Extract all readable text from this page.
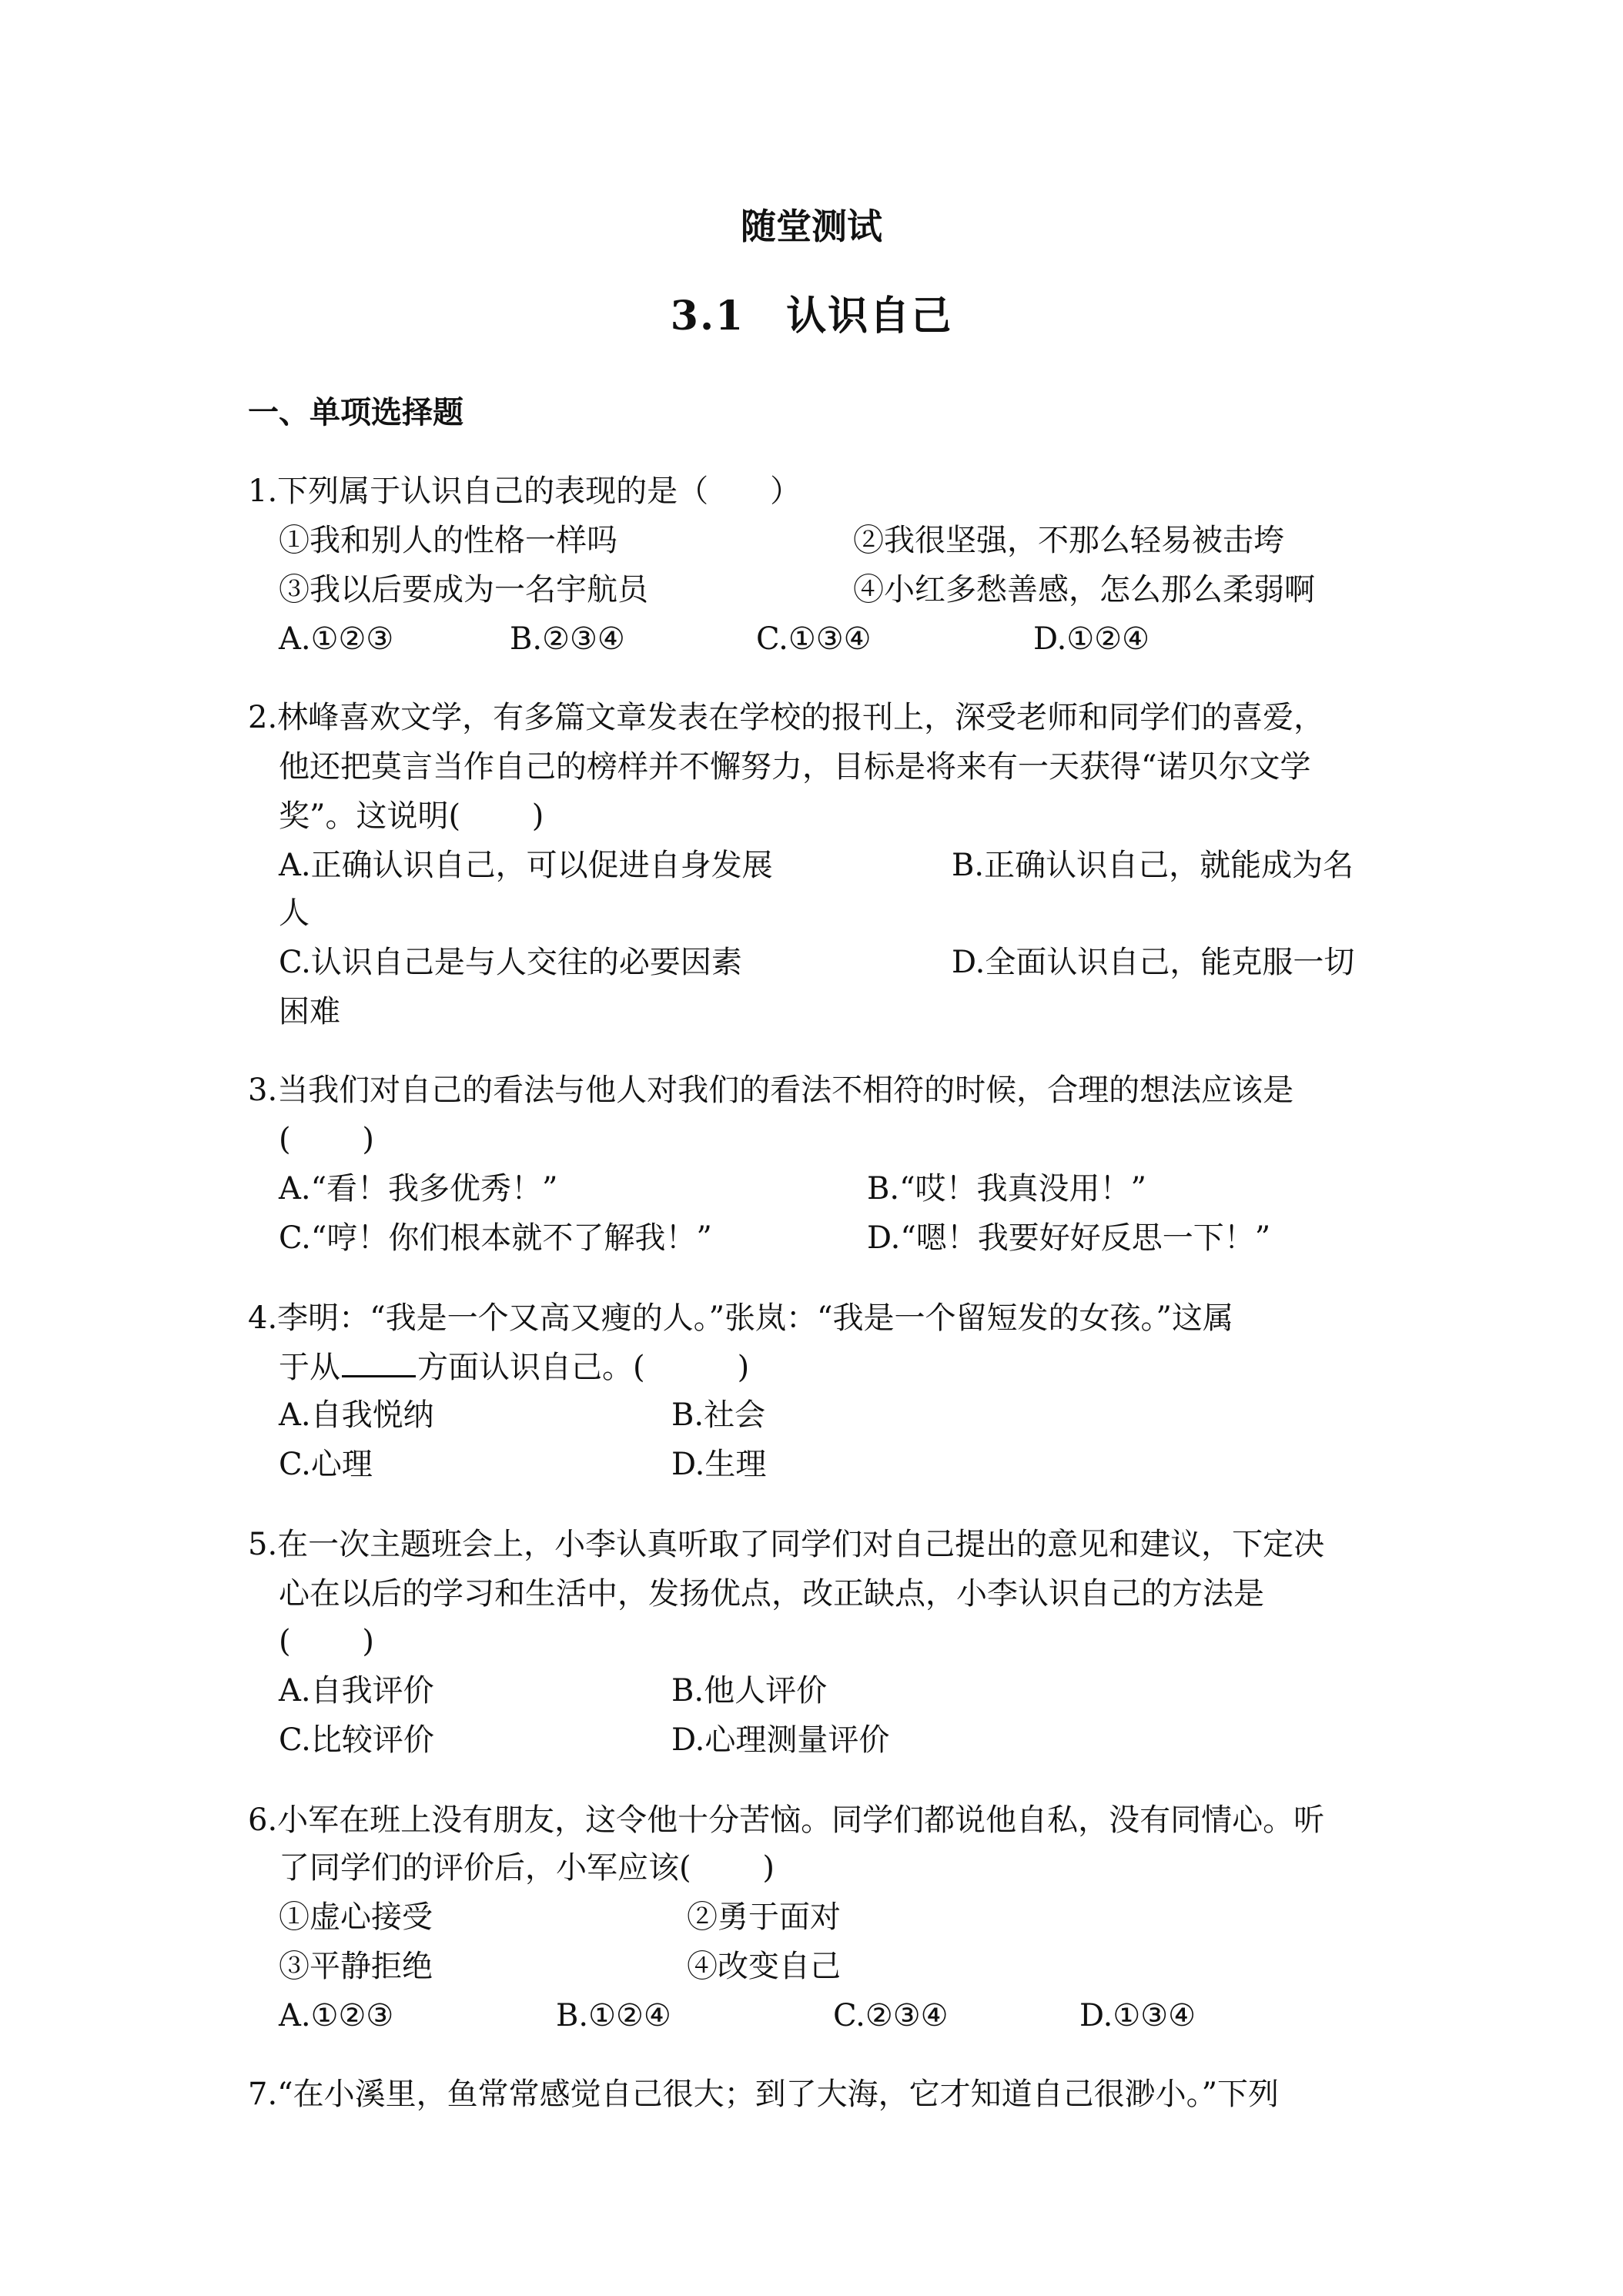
随堂测试
3.1　认识自己
一、单项选择题
1.下列属于认识自己的表现的是（　　）
①我和别人的性格一样吗	②我很坚强，不那么轻易被击垮
③我以后要成为一名宇航员	④小红多愁善感，怎么那么柔弱啊
A.①②③	B.②③④	C.①③④	D.①②④
2.林峰喜欢文学，有多篇文章发表在学校的报刊上，深受老师和同学们的喜爱，
他还把莫言当作自己的榜样并不懈努力，目标是将来有一天获得“诺贝尔文学
奖”。这说明(　　 )
A.正确认识自己，可以促进自身发展	B.正确认识自己，就能成为名
人
C.认识自己是与人交往的必要因素	D.全面认识自己，能克服一切
困难
3.当我们对自己的看法与他人对我们的看法不相符的时候，合理的想法应该是
(　　 )
A.“看！我多优秀！”	B.“哎！我真没用！”
C.“哼！你们根本就不了解我！”	D.“嗯！我要好好反思一下！”
4.李明：“我是一个又高又瘦的人。”张岚：“我是一个留短发的女孩。”这属
于从	方面认识自己。(　　　)
A.自我悦纳	B.社会
C.心理	D.生理
5.在一次主题班会上，小李认真听取了同学们对自己提出的意见和建议，下定决
心在以后的学习和生活中，发扬优点，改正缺点，小李认识自己的方法是
(　　 )
A.自我评价	B.他人评价
C.比较评价	D.心理测量评价
6.小军在班上没有朋友，这令他十分苦恼。同学们都说他自私，没有同情心。听
了同学们的评价后，小军应该(　　 )
①虚心接受	②勇于面对
③平静拒绝	④改变自己
A.①②③	B.①②④	C.②③④	D.①③④
7.“在小溪里，鱼常常感觉自己很大；到了大海，它才知道自己很渺小。”下列
